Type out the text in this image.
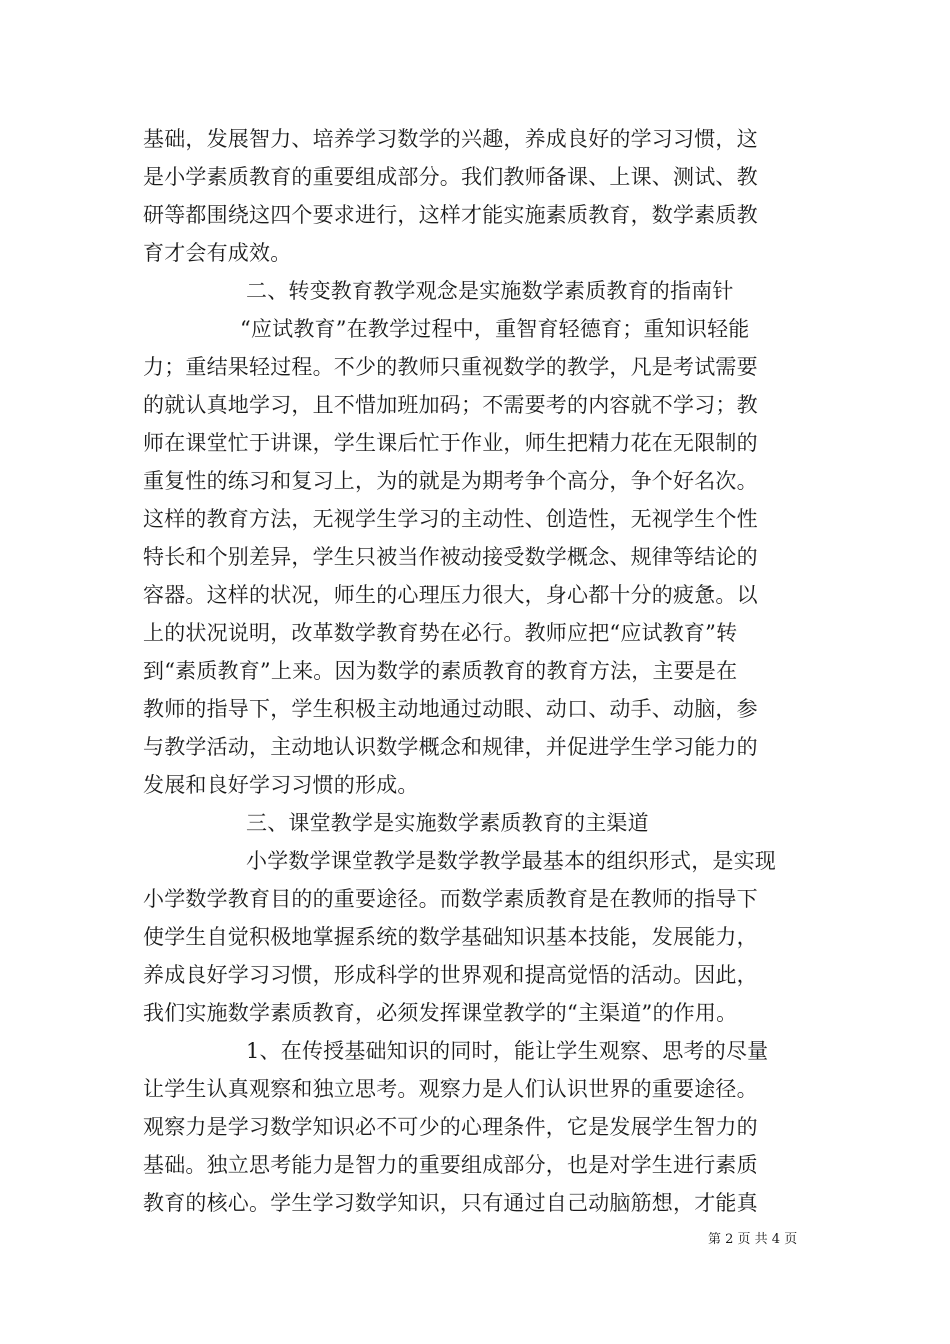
基础，发展智力、培养学习数学的兴趣，养成良好的学习习惯，这
是小学素质教育的重要组成部分。我们教师备课、上课、测试、教
研等都围绕这四个要求进行，这样才能实施素质教育，数学素质教
育才会有成效。
二、转变教育教学观念是实施数学素质教育的指南针
“应试教育”在教学过程中，重智育轻德育；重知识轻能
力；重结果轻过程。不少的教师只重视数学的教学，凡是考试需要
的就认真地学习，且不惜加班加码；不需要考的内容就不学习；教
师在课堂忙于讲课，学生课后忙于作业，师生把精力花在无限制的
重复性的练习和复习上，为的就是为期考争个高分，争个好名次。
这样的教育方法，无视学生学习的主动性、创造性，无视学生个性
特长和个别差异，学生只被当作被动接受数学概念、规律等结论的
容器。这样的状况，师生的心理压力很大，身心都十分的疲惫。以
上的状况说明，改革数学教育势在必行。教师应把“应试教育”转
到“素质教育”上来。因为数学的素质教育的教育方法，主要是在
教师的指导下，学生积极主动地通过动眼、动口、动手、动脑，参
与教学活动，主动地认识数学概念和规律，并促进学生学习能力的
发展和良好学习习惯的形成。
三、课堂教学是实施数学素质教育的主渠道
小学数学课堂教学是数学教学最基本的组织形式，是实现
小学数学教育目的的重要途径。而数学素质教育是在教师的指导下
使学生自觉积极地掌握系统的数学基础知识基本技能，发展能力，
养成良好学习习惯，形成科学的世界观和提高觉悟的活动。因此，
我们实施数学素质教育，必须发挥课堂教学的“主渠道”的作用。
1、在传授基础知识的同时，能让学生观察、思考的尽量
让学生认真观察和独立思考。观察力是人们认识世界的重要途径。
观察力是学习数学知识必不可少的心理条件，它是发展学生智力的
基础。独立思考能力是智力的重要组成部分，也是对学生进行素质
教育的核心。学生学习数学知识，只有通过自己动脑筋想，才能真
第 2 页 共 4 页
